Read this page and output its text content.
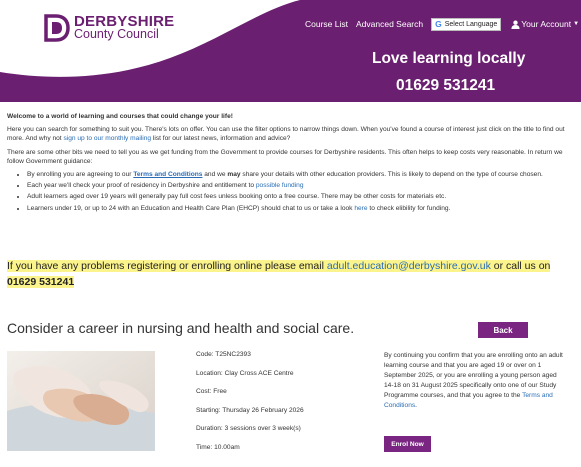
DERBYSHIRE
County Council
Course List Advanced Search G Select Language	Your Account ▼
Love learning locally
01629 531241

Welcome to a world of learning and courses that could change your life!

Here you can search for something to suit you. There's lots on offer. You can use the filter options to narrow things down. When you've found a course of interest just click on the title to find out more. And why not sign up to our monthly mailing list for our latest news, information and advice?

There are some other bits we need to tell you as we get funding from the Government to provide courses for Derbyshire residents. This often helps to keep costs very reasonable. In return we follow Government guidance:

• By enrolling you are agreeing to our Terms and Conditions and we may share your details with other education providers. This is likely to depend on the type of course chosen.
• Each year we'll check your proof of residency in Derbyshire and entitlement to possible funding
• Adult learners aged over 19 years will generally pay full cost fees unless booking onto a free course. There may be other costs for materials etc.
• Learners under 19, or up to 24 with an Education and Health Care Plan (EHCP) should chat to us or take a look here to check elibility for funding.
If you have any problems registering or enrolling online please email adult.education@derbyshire.gov.uk or call us on 01629 531241
Consider a career in nursing and health and social care.	Back
Code: T25NC2393
Location: Clay Cross ACE Centre
Cost: Free
Starting: Thursday 26 February 2026
Duration: 3 sessions over 3 week(s)
Time: 10.00am
By continuing you confirm that you are enrolling onto an adult learning course and that you are aged 19 or over on 1 September 2025, or you are enrolling a young person aged 14-18 on 31 August 2025 specifically onto one of our Study Programme courses, and that you agree to the Terms and Conditions.
Enrol Now
